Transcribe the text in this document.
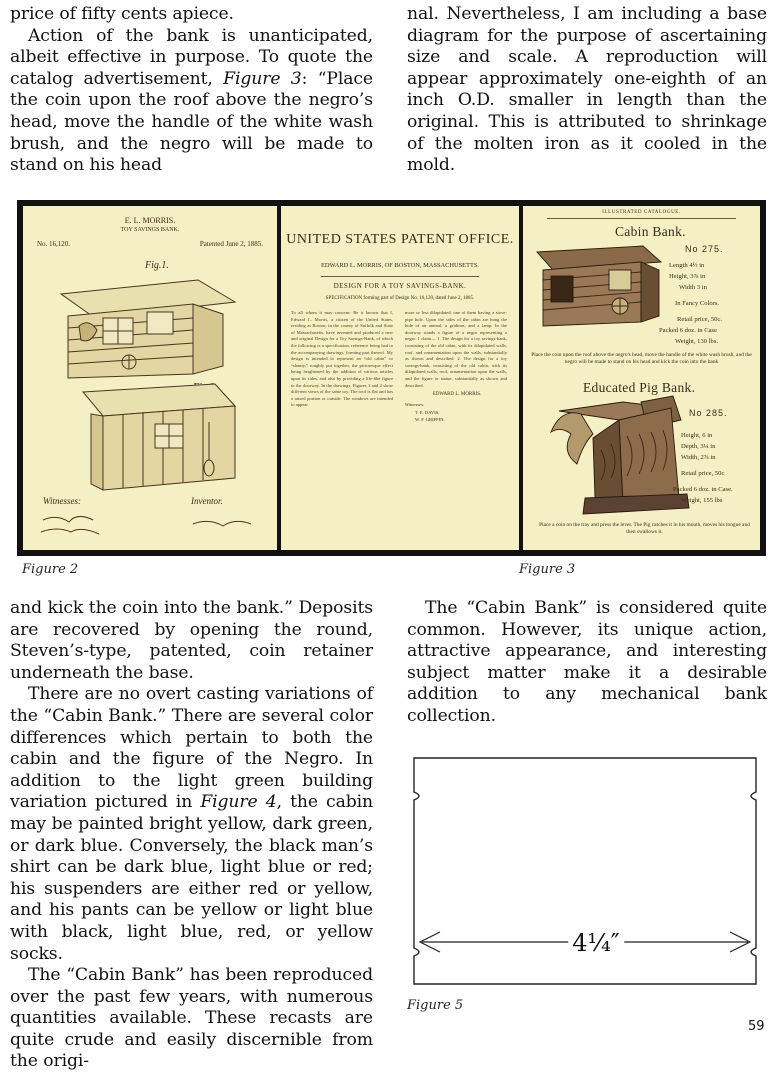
price of fifty cents apiece.

Action of the bank is unanticipated, albeit effective in purpose. To quote the catalog advertisement, Figure 3: “Place the coin upon the roof above the negro’s head, move the handle of the white wash brush, and the negro will be made to stand on his head

nal. Nevertheless, I am including a base diagram for the purpose of ascertaining size and scale. A reproduction will appear approximately one-eighth of an inch O.D. smaller in length than the original. This is attributed to shrinkage of the molten iron as it cooled in the mold.

E. L. MORRIS.
TOY SAVINGS BANK.
No. 16,120.	Patented June 2, 1885.
Fig.1.
Witnesses:	Inventor.
UNITED STATES PATENT OFFICE.
EDWARD L. MORRIS, OF BOSTON, MASSACHUSETTS.
DESIGN FOR A TOY SAVINGS-BANK.
SPECIFICATION forming part of Design No. 16,120, dated June 2, 1885.
To all whom it may concern: Be it known that I, Edward L. Morris, a citizen of the United States, residing at Boston, in the county of Suffolk and State of Massachusetts, have invented and produced a new and original Design for a Toy Savings-Bank, of which the following is a specification, reference being had to the accompanying drawings, forming part thereof. My design is intended to represent an “old cabin” or “shanty,” roughly put together, the picturesque effect being heightened by the addition of various articles upon its sides, and also by providing a life-like figure to the doorway. In the drawings, Figures 1 and 2 show different views of the same toy. The roof is flat and has a raised portion or outside. The windows are intended to appear
more or less dilapidated, one of them having a stove-pipe hole. Upon the sides of the cabin are hung the hide of an animal, a gridiron, and a lamp. In the doorway stands a figure of a negro representing a negro. I claim— 1. The design for a toy savings-bank, consisting of the old cabin, with its dilapidated walls, roof, and ornamentation upon the walls, substantially as shown and described. 2. The design for a toy savings-bank, consisting of the old cabin, with its dilapidated walls, roof, ornamentation upon the walls, and the figure or statue, substantially as shown and described.
EDWARD L. MORRIS.
Witnesses:
T. E. DAVIS,
W. F. GRIFFIN.
ILLUSTRATED CATALOGUE.
Cabin Bank.
No 275.
Length 4½ in
Height, 3⅞ in
Width 3 in
In Fancy Colors.
Retail price, 50c.
Packed 6 doz. in Case
Weight, 130 lbs.
Place the coin upon the roof above the negro's head, move the handle of the white wash brush, and the negro will be made to stand on his head and kick the coin into the bank
Educated Pig Bank.
No 285.
Height, 6 in
Depth, 3¼ in
Width, 2⅞ in
Retail price, 50c
Packed 6 doz. in Case.
Weight, 155 lbs
Place a coin on the tray and press the lever. The Pig catches it in his mouth, moves his tongue and then swallows it.
Figure 2	Figure 3

and kick the coin into the bank.” Deposits are recovered by opening the round, Steven’s-type, patented, coin retainer underneath the base.

There are no overt casting variations of the “Cabin Bank.” There are several color differences which pertain to both the cabin and the figure of the Negro. In addition to the light green building variation pictured in Figure 4, the cabin may be painted bright yellow, dark green, or dark blue. Conversely, the black man’s shirt can be dark blue, light blue or red; his suspenders are either red or yellow, and his pants can be yellow or light blue with black, light blue, red, or yellow socks.

The “Cabin Bank” has been reproduced over the past few years, with numerous quantities available. These recasts are quite crude and easily discernible from the origi-

The “Cabin Bank” is considered quite common. However, its unique action, attractive appearance, and interesting subject matter make it a desirable addition to any mechanical bank collection.

4¼″
Figure 5
59
